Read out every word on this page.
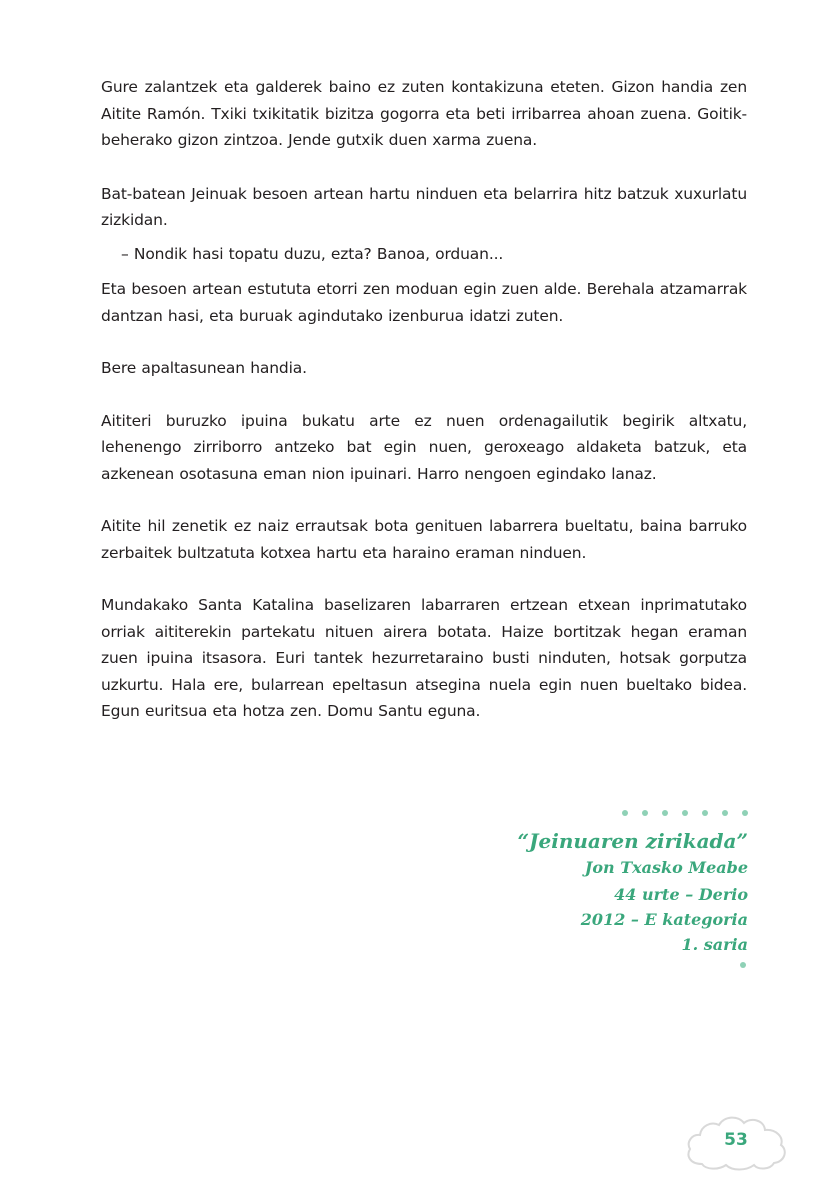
Gure zalantzek eta galderek baino ez zuten kontakizuna eteten. Gizon handia zen Aitite Ramón. Txiki txikitatik bizitza gogorra eta beti irribarrea ahoan zuena. Goitik-beherako gizon zintzoa. Jende gutxik duen xarma zuena.

Bat-batean Jeinuak besoen artean hartu ninduen eta belarrira hitz batzuk xuxurlatu zizkidan.

– Nondik hasi topatu duzu, ezta? Banoa, orduan...

Eta besoen artean estututa etorri zen moduan egin zuen alde. Berehala atzamarrak dantzan hasi, eta buruak agindutako izenburua idatzi zuten.

Bere apaltasunean handia.

Aititeri buruzko ipuina bukatu arte ez nuen ordenagailutik begirik altxatu, lehenengo zirriborro antzeko bat egin nuen, geroxeago aldaketa batzuk, eta azkenean osotasuna eman nion ipuinari. Harro nengoen egindako lanaz.

Aitite hil zenetik ez naiz errautsak bota genituen labarrera bueltatu, baina barruko zerbaitek bultzatuta kotxea hartu eta haraino eraman ninduen.

Mundakako Santa Katalina baselizaren labarraren ertzean etxean inprimatutako orriak aititerekin partekatu nituen airera botata. Haize bortitzak hegan eraman zuen ipuina itsasora. Euri tantek hezurretaraino busti ninduten, hotsak gorputza uzkurtu. Hala ere, bularrean epeltasun atsegina nuela egin nuen bueltako bidea. Egun euritsua eta hotza zen. Domu Santu eguna.

“Jeinuaren zirikada”
Jon Txasko Meabe
44 urte – Derio
2012 – E kategoria
1. saria
53
